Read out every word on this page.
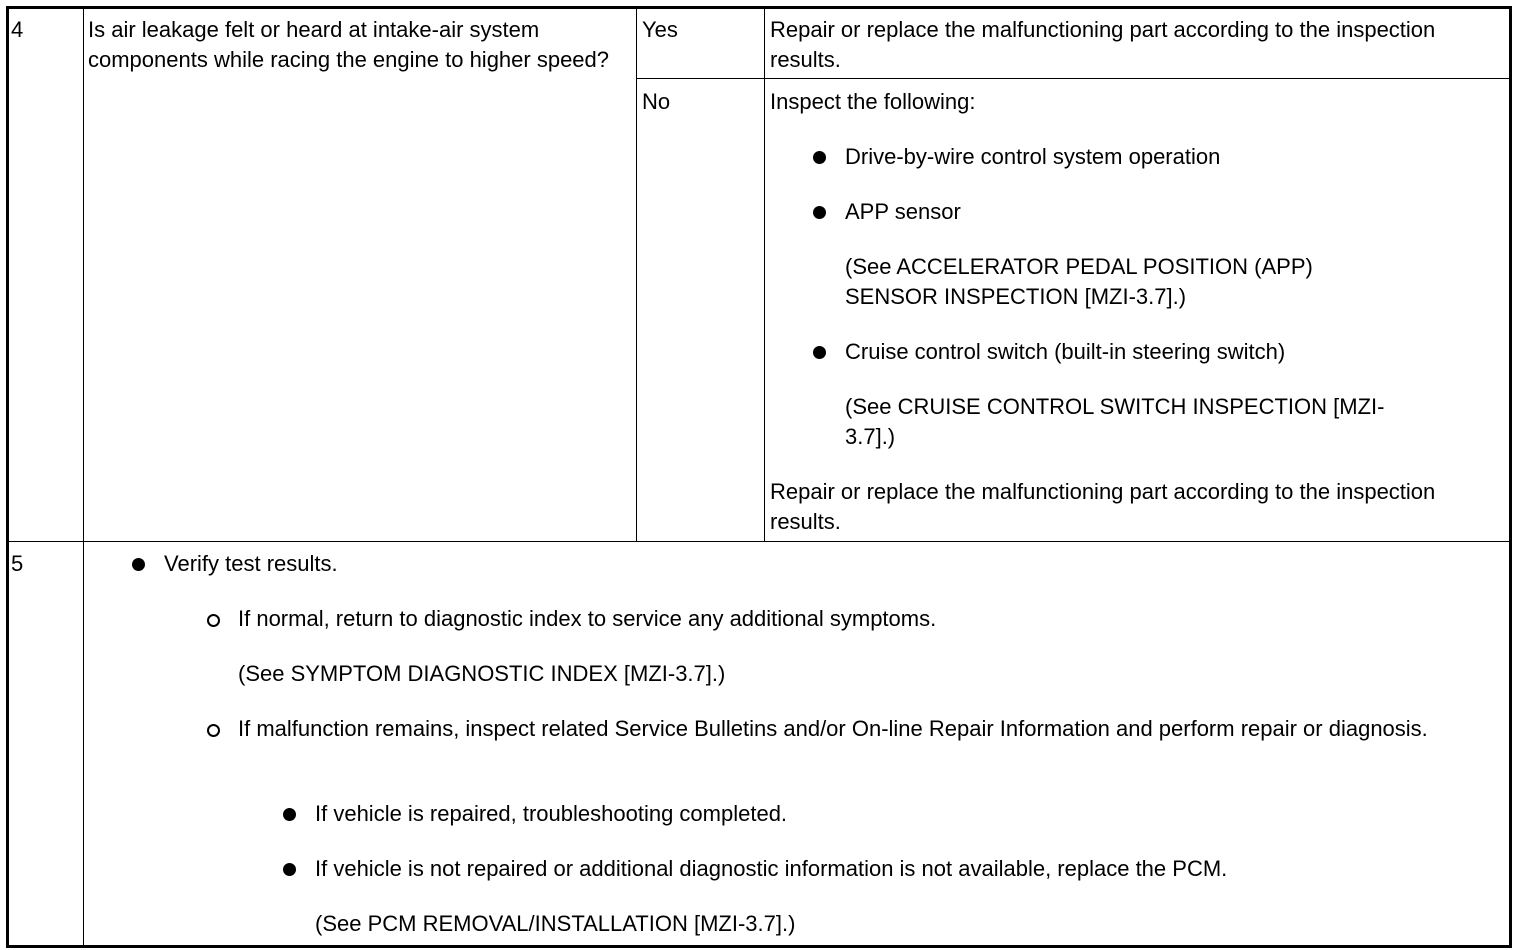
4	Is air leakage felt or heard at intake-air system components while racing the engine to higher speed?
Yes	Repair or replace the malfunctioning part according to the inspection results.
No	Inspect the following:
Drive-by-wire control system operation
APP sensor
(See ACCELERATOR PEDAL POSITION (APP) SENSOR INSPECTION [MZI-3.7].)
Cruise control switch (built-in steering switch)
(See CRUISE CONTROL SWITCH INSPECTION [MZI-3.7].)
Repair or replace the malfunctioning part according to the inspection results.
5	Verify test results.
If normal, return to diagnostic index to service any additional symptoms.
(See SYMPTOM DIAGNOSTIC INDEX [MZI-3.7].)
If malfunction remains, inspect related Service Bulletins and/or On-line Repair Information and perform repair or diagnosis.
If vehicle is repaired, troubleshooting completed.
If vehicle is not repaired or additional diagnostic information is not available, replace the PCM.
(See PCM REMOVAL/INSTALLATION [MZI-3.7].)
